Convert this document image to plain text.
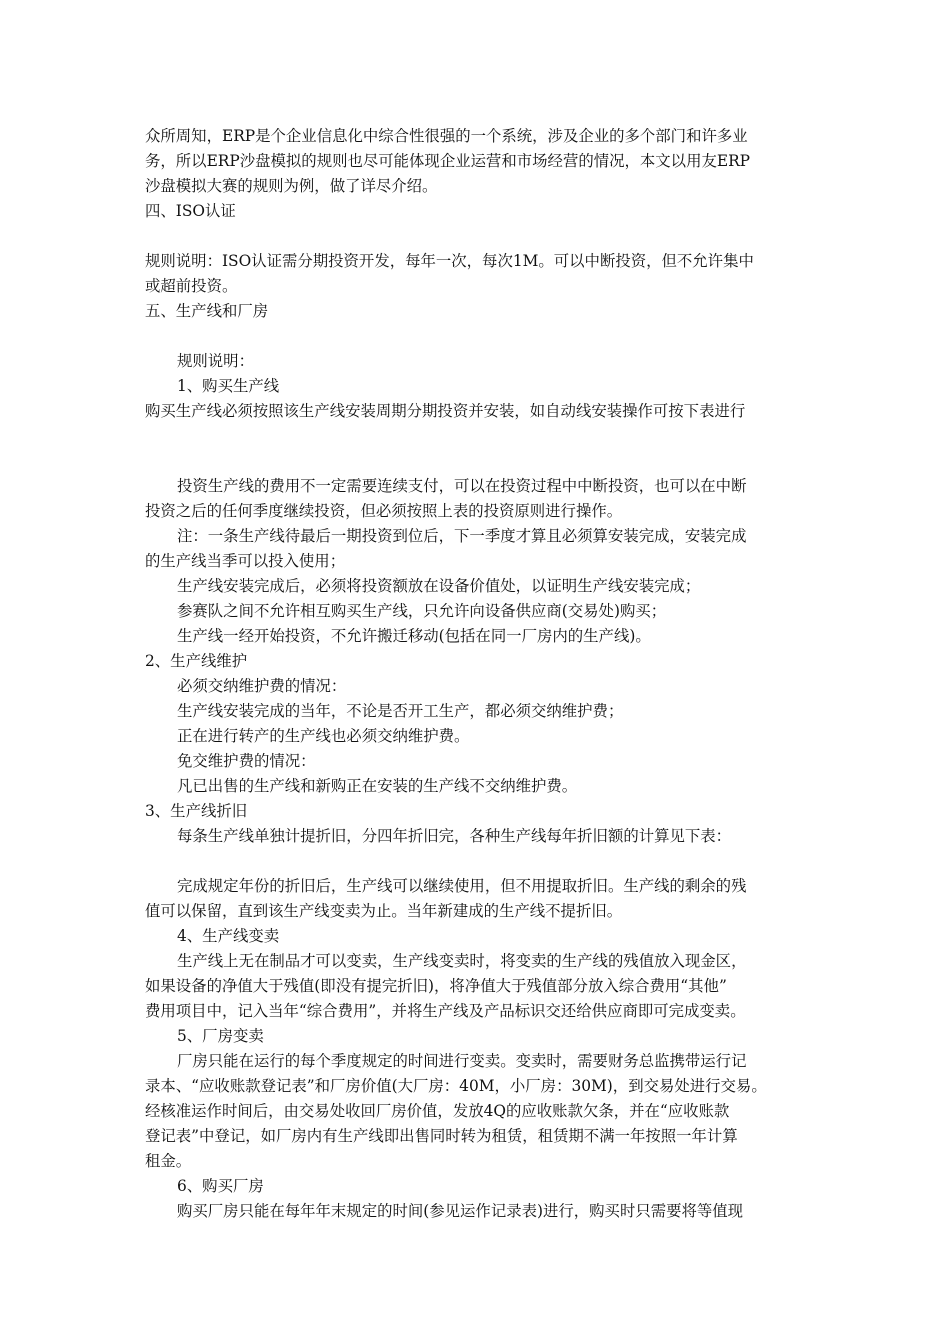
众所周知，ERP是个企业信息化中综合性很强的一个系统，涉及企业的多个部门和许多业
务，所以ERP沙盘模拟的规则也尽可能体现企业运营和市场经营的情况，本文以用友ERP
沙盘模拟大赛的规则为例，做了详尽介绍。
四、ISO认证
规则说明：ISO认证需分期投资开发，每年一次，每次1M。可以中断投资，但不允许集中
或超前投资。
五、生产线和厂房
规则说明：
1、购买生产线
购买生产线必须按照该生产线安装周期分期投资并安装，如自动线安装操作可按下表进行
投资生产线的费用不一定需要连续支付，可以在投资过程中中断投资，也可以在中断
投资之后的任何季度继续投资，但必须按照上表的投资原则进行操作。
注：一条生产线待最后一期投资到位后，下一季度才算且必须算安装完成，安装完成
的生产线当季可以投入使用；
生产线安装完成后，必须将投资额放在设备价值处，以证明生产线安装完成；
参赛队之间不允许相互购买生产线，只允许向设备供应商(交易处)购买；
生产线一经开始投资，不允许搬迁移动(包括在同一厂房内的生产线)。
2、生产线维护
必须交纳维护费的情况：
生产线安装完成的当年，不论是否开工生产，都必须交纳维护费；
正在进行转产的生产线也必须交纳维护费。
免交维护费的情况：
凡已出售的生产线和新购正在安装的生产线不交纳维护费。
3、生产线折旧
每条生产线单独计提折旧，分四年折旧完，各种生产线每年折旧额的计算见下表：
完成规定年份的折旧后，生产线可以继续使用，但不用提取折旧。生产线的剩余的残
值可以保留，直到该生产线变卖为止。当年新建成的生产线不提折旧。
4、生产线变卖
生产线上无在制品才可以变卖，生产线变卖时，将变卖的生产线的残值放入现金区，
如果设备的净值大于残值(即没有提完折旧)，将净值大于残值部分放入综合费用“其他”
费用项目中，记入当年“综合费用”，并将生产线及产品标识交还给供应商即可完成变卖。
5、厂房变卖
厂房只能在运行的每个季度规定的时间进行变卖。变卖时，需要财务总监携带运行记
录本、“应收账款登记表”和厂房价值(大厂房：40M，小厂房：30M)，到交易处进行交易。
经核准运作时间后，由交易处收回厂房价值，发放4Q的应收账款欠条，并在“应收账款
登记表”中登记，如厂房内有生产线即出售同时转为租赁，租赁期不满一年按照一年计算
租金。
6、购买厂房
购买厂房只能在每年年末规定的时间(参见运作记录表)进行，购买时只需要将等值现
